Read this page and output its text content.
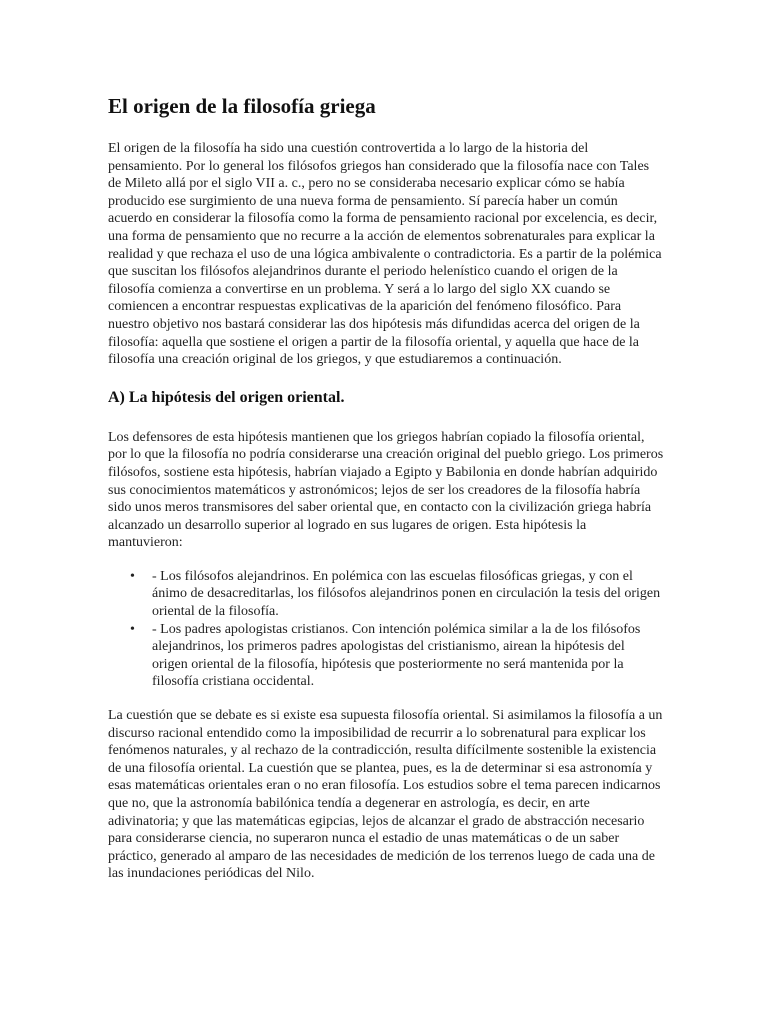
El origen de la filosofía griega

El origen de la filosofía ha sido una cuestión controvertida a lo largo de la historia del pensamiento. Por lo general los filósofos griegos han considerado que la filosofía nace con Tales de Mileto allá por el siglo VII a. c., pero no se consideraba necesario explicar cómo se había producido ese surgimiento de una nueva forma de pensamiento. Sí parecía haber un común acuerdo en considerar la filosofía como la forma de pensamiento racional por excelencia, es decir, una forma de pensamiento que no recurre a la acción de elementos sobrenaturales para explicar la realidad y que rechaza el uso de una lógica ambivalente o contradictoria. Es a partir de la polémica que suscitan los filósofos alejandrinos durante el periodo helenístico cuando el origen de la filosofía comienza a convertirse en un problema. Y será a lo largo del siglo XX cuando se comiencen a encontrar respuestas explicativas de la aparición del fenómeno filosófico. Para nuestro objetivo nos bastará considerar las dos hipótesis más difundidas acerca del origen de la filosofía: aquella que sostiene el origen a partir de la filosofía oriental, y aquella que hace de la filosofía una creación original de los griegos, y que estudiaremos a continuación.

A) La hipótesis del origen oriental.

Los defensores de esta hipótesis mantienen que los griegos habrían copiado la filosofía oriental, por lo que la filosofía no podría considerarse una creación original del pueblo griego. Los primeros filósofos, sostiene esta hipótesis, habrían viajado a Egipto y Babilonia en donde habrían adquirido sus conocimientos matemáticos y astronómicos; lejos de ser los creadores de la filosofía habría sido unos meros transmisores del saber oriental que, en contacto con la civilización griega habría alcanzado un desarrollo superior al logrado en sus lugares de origen. Esta hipótesis la mantuvieron:

• - Los filósofos alejandrinos. En polémica con las escuelas filosóficas griegas, y con el ánimo de desacreditarlas, los filósofos alejandrinos ponen en circulación la tesis del origen oriental de la filosofía.
• - Los padres apologistas cristianos. Con intención polémica similar a la de los filósofos alejandrinos, los primeros padres apologistas del cristianismo, airean la hipótesis del origen oriental de la filosofía, hipótesis que posteriormente no será mantenida por la filosofía cristiana occidental.

La cuestión que se debate es si existe esa supuesta filosofía oriental. Si asimilamos la filosofía a un discurso racional entendido como la imposibilidad de recurrir a lo sobrenatural para explicar los fenómenos naturales, y al rechazo de la contradicción, resulta difícilmente sostenible la existencia de una filosofía oriental. La cuestión que se plantea, pues, es la de determinar si esa astronomía y esas matemáticas orientales eran o no eran filosofía. Los estudios sobre el tema parecen indicarnos que no, que la astronomía babilónica tendía a degenerar en astrología, es decir, en arte adivinatoria; y que las matemáticas egipcias, lejos de alcanzar el grado de abstracción necesario para considerarse ciencia, no superaron nunca el estadio de unas matemáticas o de un saber práctico, generado al amparo de las necesidades de medición de los terrenos luego de cada una de las inundaciones periódicas del Nilo.
